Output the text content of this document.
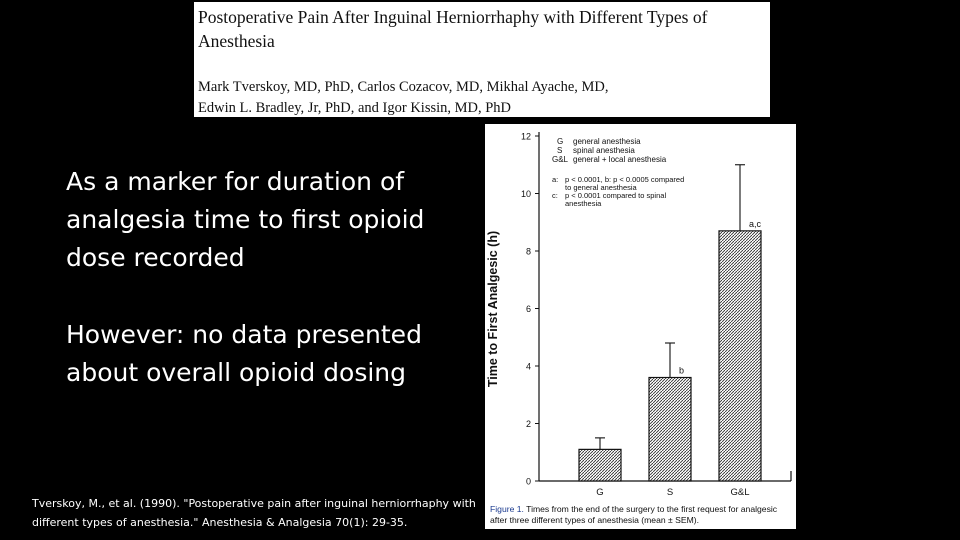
Postoperative Pain After Inguinal Herniorrhaphy with Different Types of Anesthesia
Mark Tverskoy, MD, PhD, Carlos Cozacov, MD, Mikhal Ayache, MD,
Edwin L. Bradley, Jr, PhD, and Igor Kissin, MD, PhD
As a marker for duration of analgesia time to first opioid dose recorded
However: no data presented about overall opioid dosing
Tverskoy, M., et al. (1990). "Postoperative pain after inguinal herniorrhaphy with different types of anesthesia." Anesthesia & Analgesia 70(1): 29-35.
0
2
4
6
8
10
12
Time to First Analgesic (h)
G	S
b
G&L
a,c
G general anesthesia
S spinal anesthesia
G&L general + local anesthesia
a: p < 0.0001, b: p < 0.0005 compared
to general anesthesia
c: p < 0.0001 compared to spinal
anesthesia
Figure 1. Times from the end of the surgery to the first request for analgesic after three different types of anesthesia (mean ± SEM).
